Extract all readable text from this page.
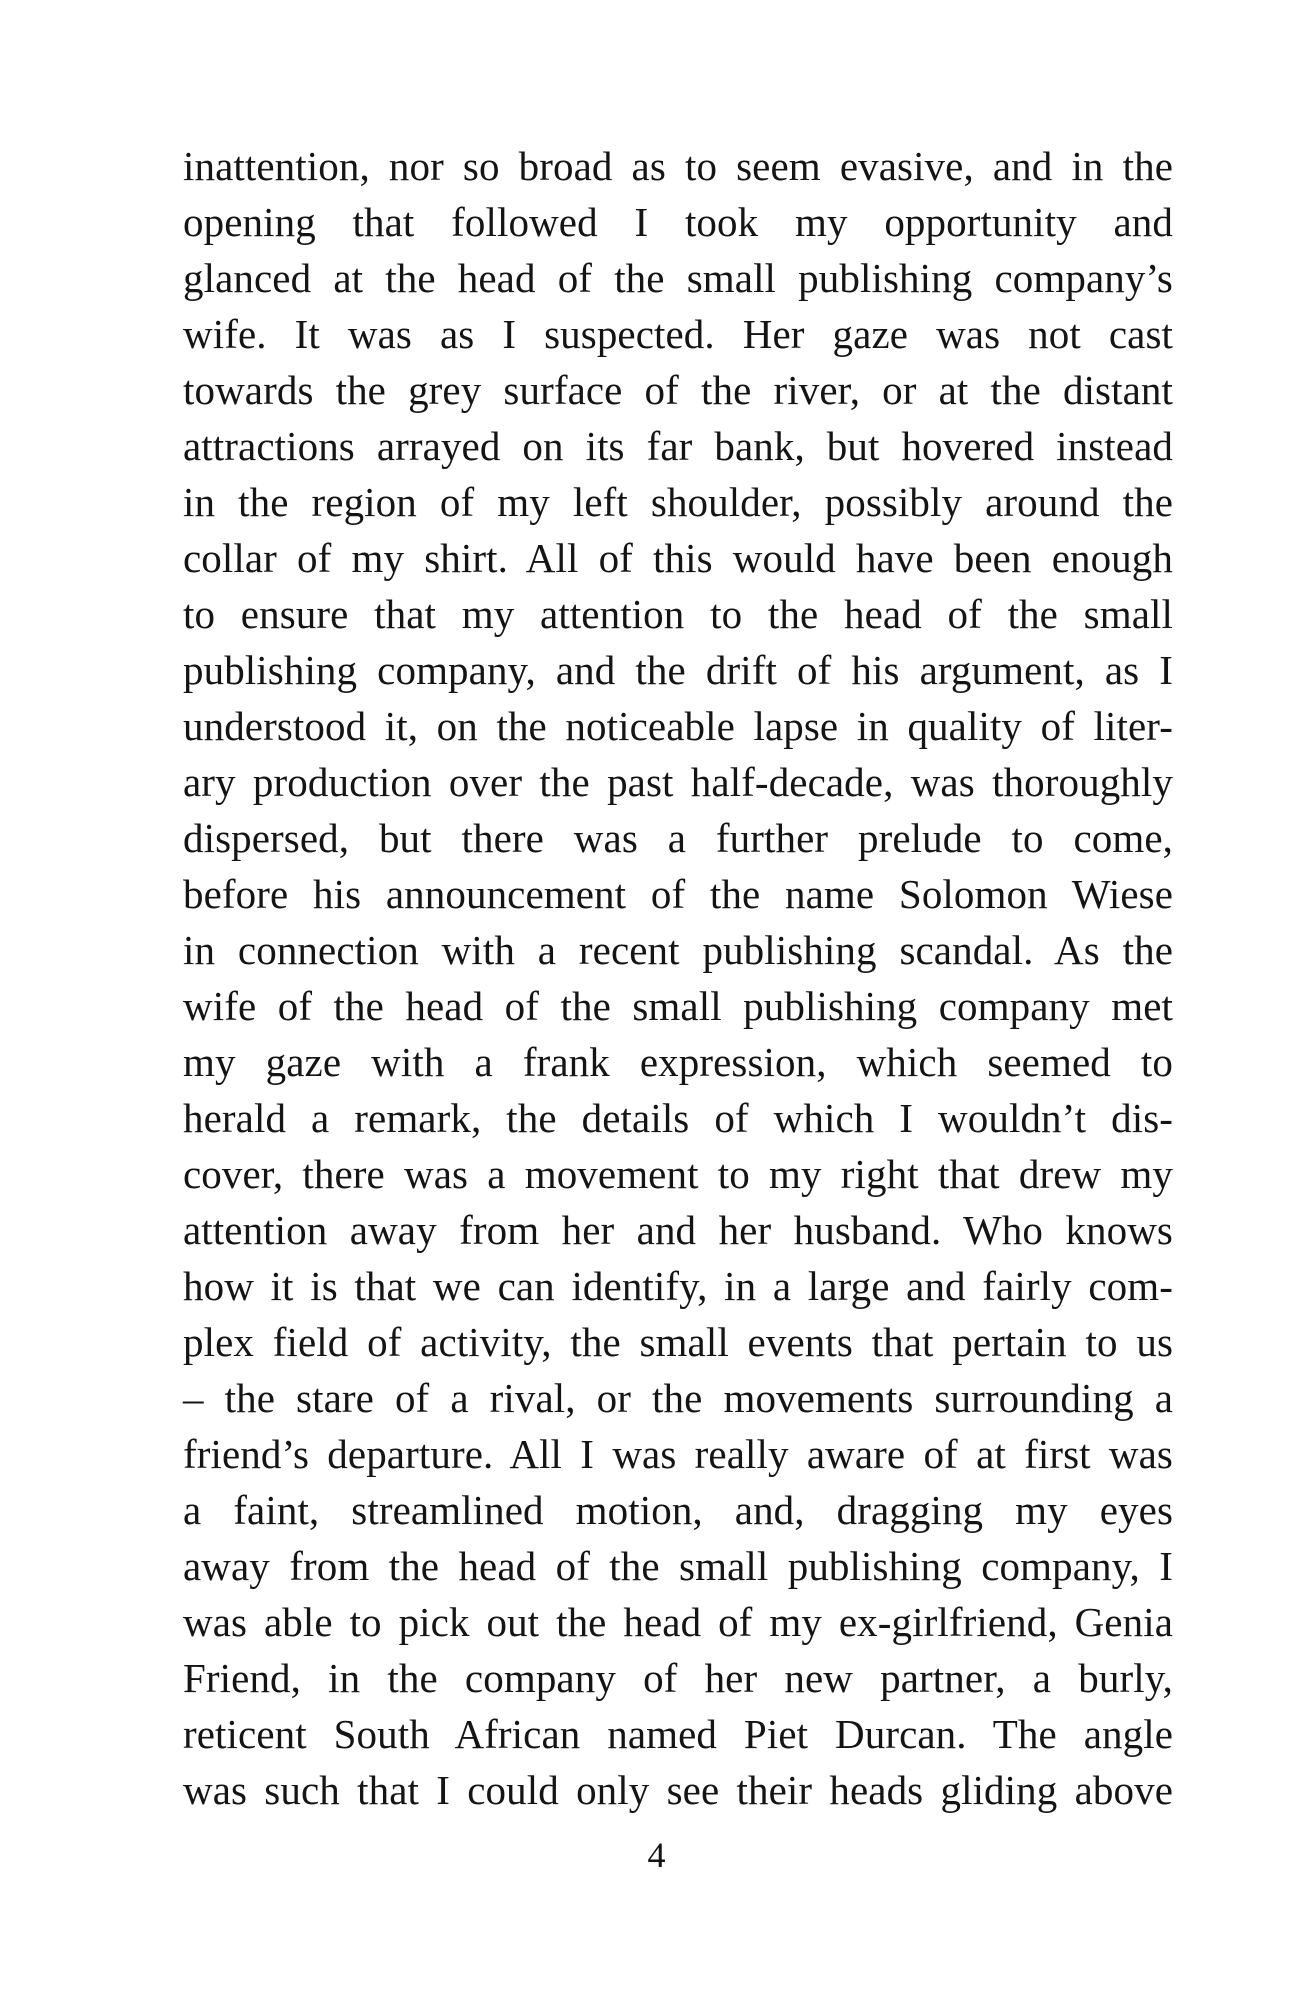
inattention, nor so broad as to seem evasive, and in the
opening that followed I took my opportunity and
glanced at the head of the small publishing company’s
wife. It was as I suspected. Her gaze was not cast
towards the grey surface of the river, or at the distant
attractions arrayed on its far bank, but hovered instead
in the region of my left shoulder, possibly around the
collar of my shirt. All of this would have been enough
to ensure that my attention to the head of the small
publishing company, and the drift of his argument, as I
understood it, on the noticeable lapse in quality of liter-
ary production over the past half-decade, was thoroughly
dispersed, but there was a further prelude to come,
before his announcement of the name Solomon Wiese
in connection with a recent publishing scandal. As the
wife of the head of the small publishing company met
my gaze with a frank expression, which seemed to
herald a remark, the details of which I wouldn’t dis-
cover, there was a movement to my right that drew my
attention away from her and her husband. Who knows
how it is that we can identify, in a large and fairly com-
plex field of activity, the small events that pertain to us
– the stare of a rival, or the movements surrounding a
friend’s departure. All I was really aware of at first was
a faint, streamlined motion, and, dragging my eyes
away from the head of the small publishing company, I
was able to pick out the head of my ex-girlfriend, Genia
Friend, in the company of her new partner, a burly,
reticent South African named Piet Durcan. The angle
was such that I could only see their heads gliding above
4
